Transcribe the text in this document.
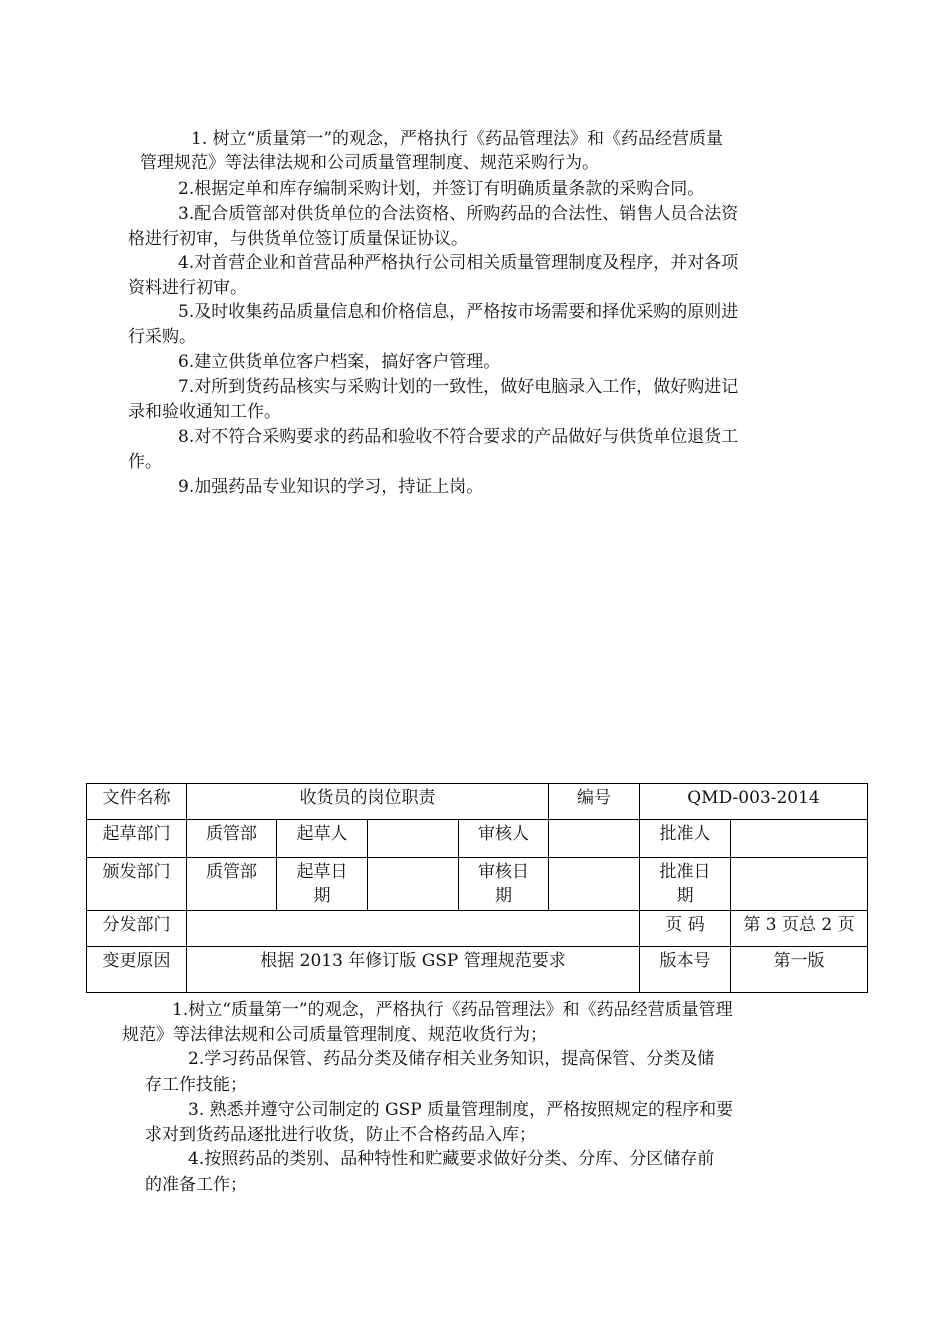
1. 树立“质量第一”的观念，严格执行《药品管理法》和《药品经营质量
管理规范》等法律法规和公司质量管理制度、规范采购行为。
2.根据定单和库存编制采购计划，并签订有明确质量条款的采购合同。
3.配合质管部对供货单位的合法资格、所购药品的合法性、销售人员合法资
格进行初审，与供货单位签订质量保证协议。
4.对首营企业和首营品种严格执行公司相关质量管理制度及程序，并对各项
资料进行初审。
5.及时收集药品质量信息和价格信息，严格按市场需要和择优采购的原则进
行采购。
6.建立供货单位客户档案，搞好客户管理。
7.对所到货药品核实与采购计划的一致性，做好电脑录入工作，做好购进记
录和验收通知工作。
8.对不符合采购要求的药品和验收不符合要求的产品做好与供货单位退货工
作。
9.加强药品专业知识的学习，持证上岗。
文件名称	收货员的岗位职责				编号	QMD-003-2014	
起草部门	质管部	起草人		审核人		批准人	
颁发部门	质管部	起草日
期		审核日
期		批准日
期	
分发部门						页 码	第 3 页总 2 页
变更原因	根据 2013 年修订版 GSP 管理规范要求					版本号	第一版
1.树立“质量第一”的观念，严格执行《药品管理法》和《药品经营质量管理
规范》等法律法规和公司质量管理制度、规范收货行为；
2.学习药品保管、药品分类及储存相关业务知识，提高保管、分类及储
存工作技能；
3. 熟悉并遵守公司制定的 GSP 质量管理制度，严格按照规定的程序和要
求对到货药品逐批进行收货，防止不合格药品入库；
4.按照药品的类别、品种特性和贮藏要求做好分类、分库、分区储存前
的准备工作；
